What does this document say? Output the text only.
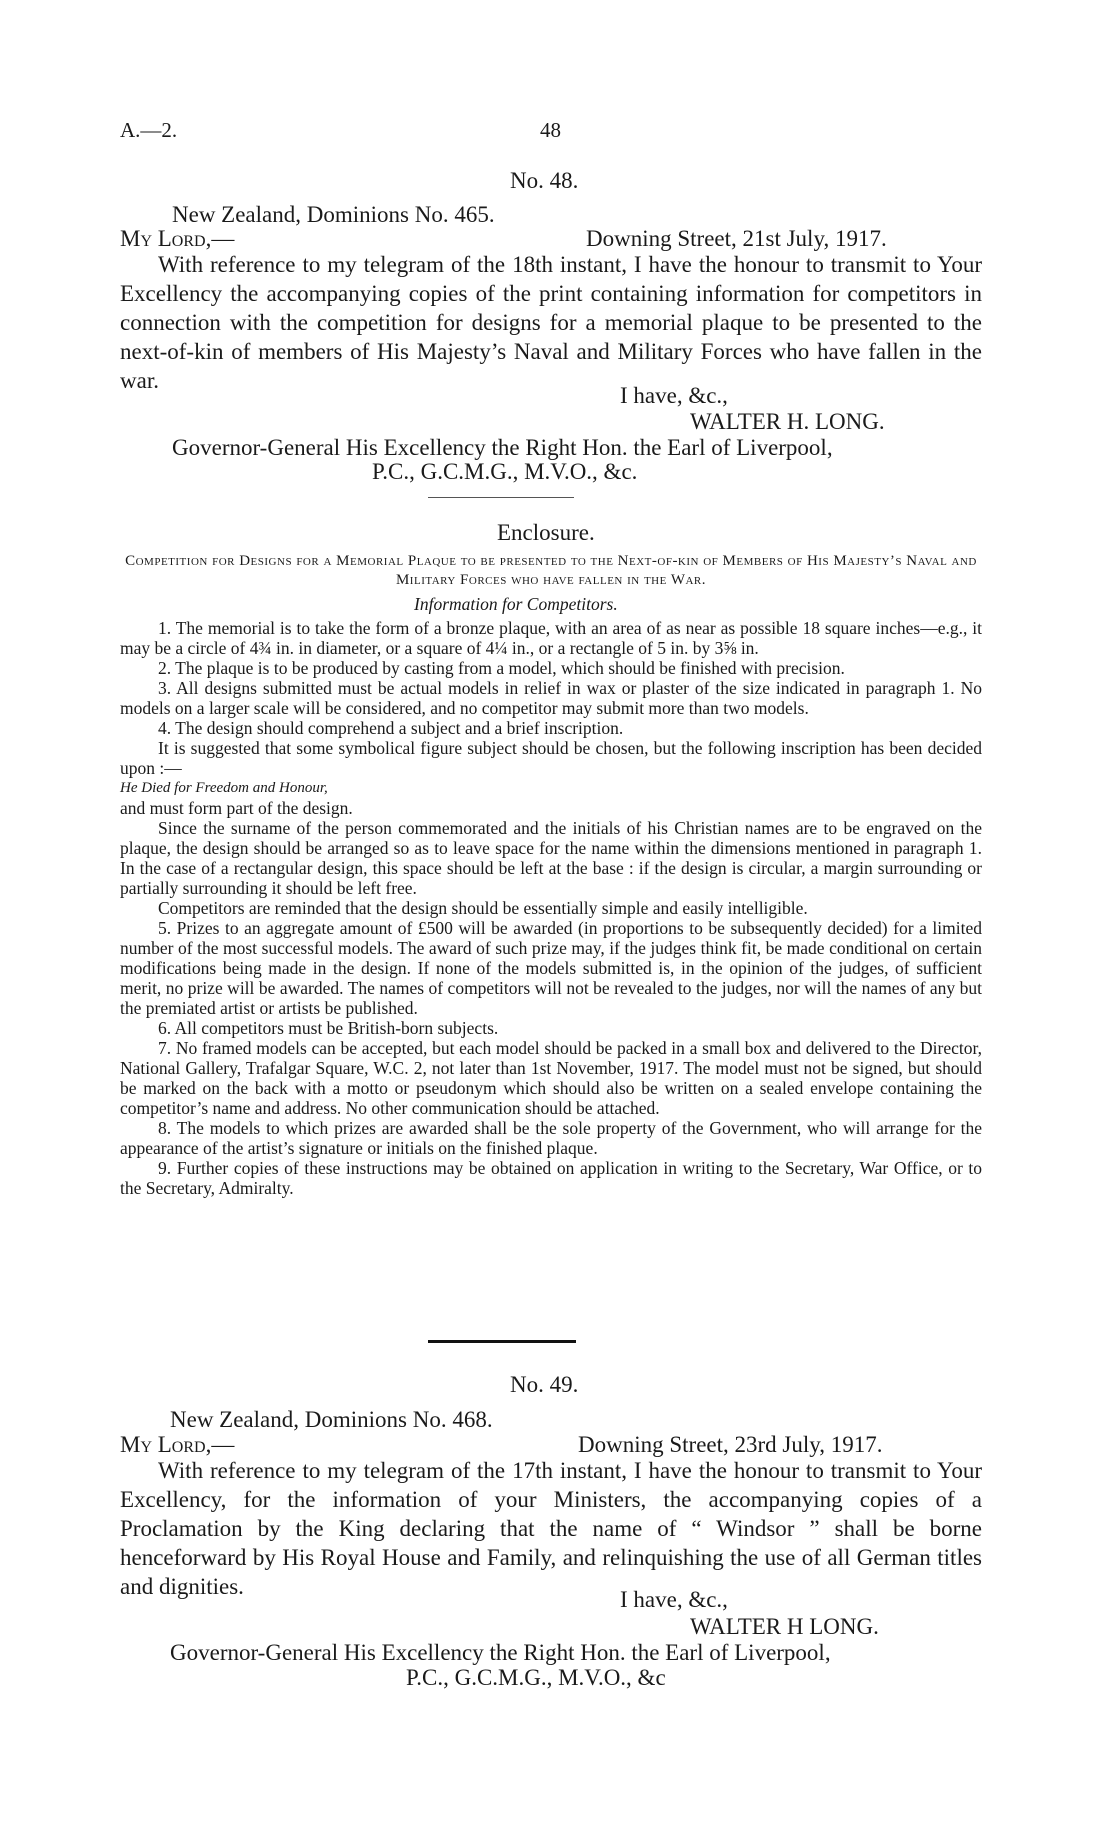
A.—2.	48
No. 48.
New Zealand, Dominions No. 465.
My Lord,—	Downing Street, 21st July, 1917.

With reference to my telegram of the 18th instant, I have the honour to transmit to Your Excellency the accompanying copies of the print containing information for competitors in connection with the competition for designs for a memorial plaque to be presented to the next-of-kin of members of His Majesty’s Naval and Military Forces who have fallen in the war.

I have, &c.,
WALTER H. LONG.
Governor-General His Excellency the Right Hon. the Earl of Liverpool,
P.C., G.C.M.G., M.V.O., &c.
Enclosure.
Competition for Designs for a Memorial Plaque to be presented to the Next-of-kin of Members of His Majesty’s Naval and Military Forces who have fallen in the War.
Information for Competitors.

1. The memorial is to take the form of a bronze plaque, with an area of as near as possible 18 square inches—e.g., it may be a circle of 4¾ in. in diameter, or a square of 4¼ in., or a rectangle of 5 in. by 3⅝ in.

2. The plaque is to be produced by casting from a model, which should be finished with precision.

3. All designs submitted must be actual models in relief in wax or plaster of the size indicated in paragraph 1. No models on a larger scale will be considered, and no competitor may submit more than two models.

4. The design should comprehend a subject and a brief inscription.

It is suggested that some symbolical figure subject should be chosen, but the following inscription has been decided upon :—

He Died for Freedom and Honour,

and must form part of the design.

Since the surname of the person commemorated and the initials of his Christian names are to be engraved on the plaque, the design should be arranged so as to leave space for the name within the dimensions mentioned in paragraph 1. In the case of a rectangular design, this space should be left at the base : if the design is circular, a margin surrounding or partially surrounding it should be left free.

Competitors are reminded that the design should be essentially simple and easily intelligible.

5. Prizes to an aggregate amount of £500 will be awarded (in proportions to be subsequently decided) for a limited number of the most successful models. The award of such prize may, if the judges think fit, be made conditional on certain modifications being made in the design. If none of the models submitted is, in the opinion of the judges, of sufficient merit, no prize will be awarded. The names of competitors will not be revealed to the judges, nor will the names of any but the premiated artist or artists be published.

6. All competitors must be British-born subjects.

7. No framed models can be accepted, but each model should be packed in a small box and delivered to the Director, National Gallery, Trafalgar Square, W.C. 2, not later than 1st November, 1917. The model must not be signed, but should be marked on the back with a motto or pseudonym which should also be written on a sealed envelope containing the competitor’s name and address. No other communication should be attached.

8. The models to which prizes are awarded shall be the sole property of the Government, who will arrange for the appearance of the artist’s signature or initials on the finished plaque.

9. Further copies of these instructions may be obtained on application in writing to the Secretary, War Office, or to the Secretary, Admiralty.

No. 49.
New Zealand, Dominions No. 468.
My Lord,—	Downing Street, 23rd July, 1917.

With reference to my telegram of the 17th instant, I have the honour to transmit to Your Excellency, for the information of your Ministers, the accompanying copies of a Proclamation by the King declaring that the name of “ Windsor ” shall be borne henceforward by His Royal House and Family, and relinquishing the use of all German titles and dignities.

I have, &c.,
WALTER H LONG.
Governor-General His Excellency the Right Hon. the Earl of Liverpool,
P.C., G.C.M.G., M.V.O., &c
